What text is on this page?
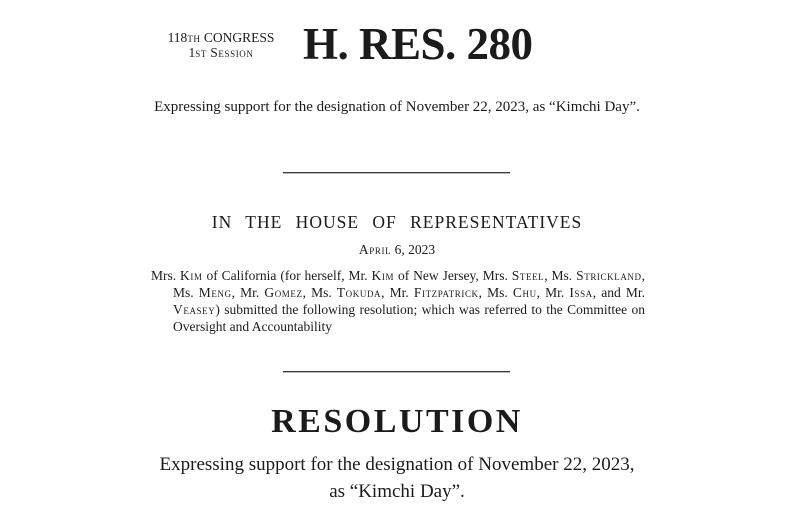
118th CONGRESS
1st Session	H. RES. 280
Expressing support for the designation of November 22, 2023, as “Kimchi Day”.
IN THE HOUSE OF REPRESENTATIVES
April 6, 2023
Mrs. Kim of California (for herself, Mr. Kim of New Jersey, Mrs. Steel, Ms. Strickland, Ms. Meng, Mr. Gomez, Ms. Tokuda, Mr. Fitzpatrick, Ms. Chu, Mr. Issa, and Mr. Veasey) submitted the following resolution; which was referred to the Committee on Oversight and Accountability
RESOLUTION
Expressing support for the designation of November 22, 2023, as “Kimchi Day”.
